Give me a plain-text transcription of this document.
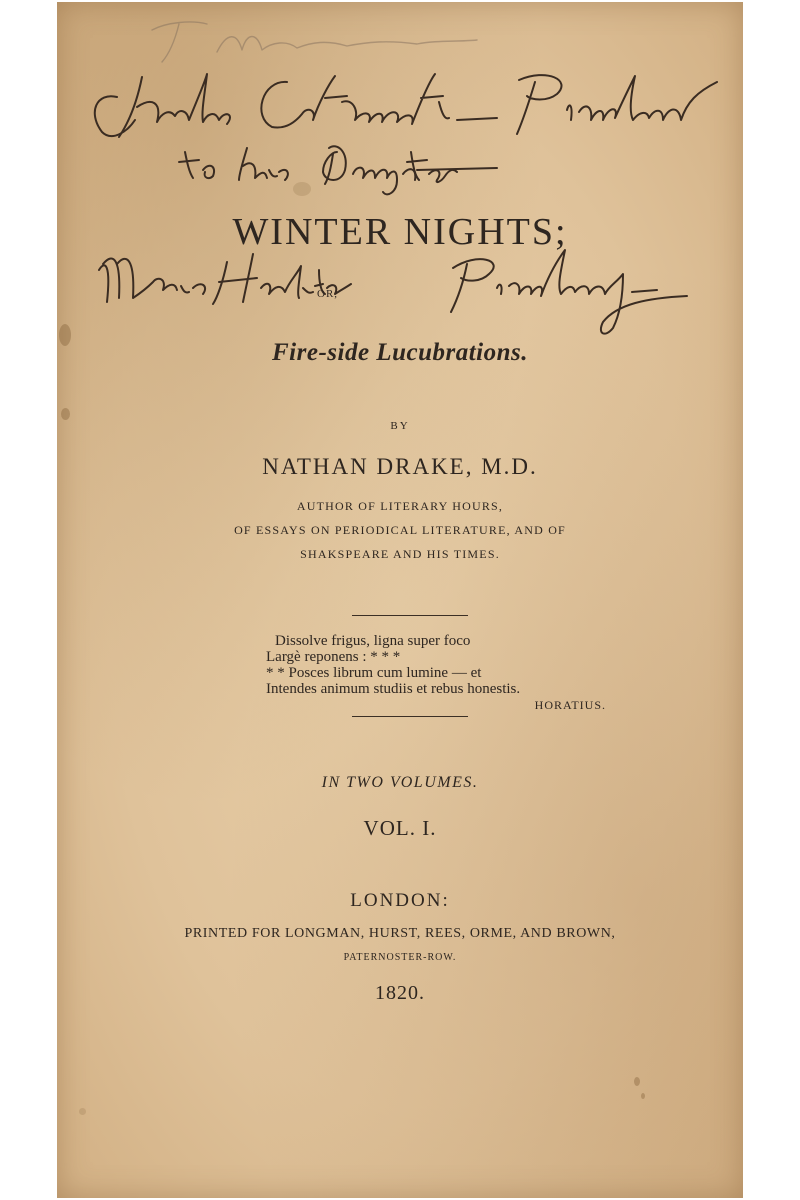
WINTER NIGHTS;
OR,
Fire-side Lucubrations.
BY
NATHAN DRAKE, M.D.
AUTHOR OF LITERARY HOURS,
OF ESSAYS ON PERIODICAL LITERATURE, AND OF
SHAKSPEARE AND HIS TIMES.
Dissolve frigus, ligna super foco
Largè reponens : * * *
* * Posces librum cum lumine — et
Intendes animum studiis et rebus honestis.
HORATIUS.
IN TWO VOLUMES.
VOL. I.
LONDON:
PRINTED FOR LONGMAN, HURST, REES, ORME, AND BROWN,
PATERNOSTER-ROW.
1820.
